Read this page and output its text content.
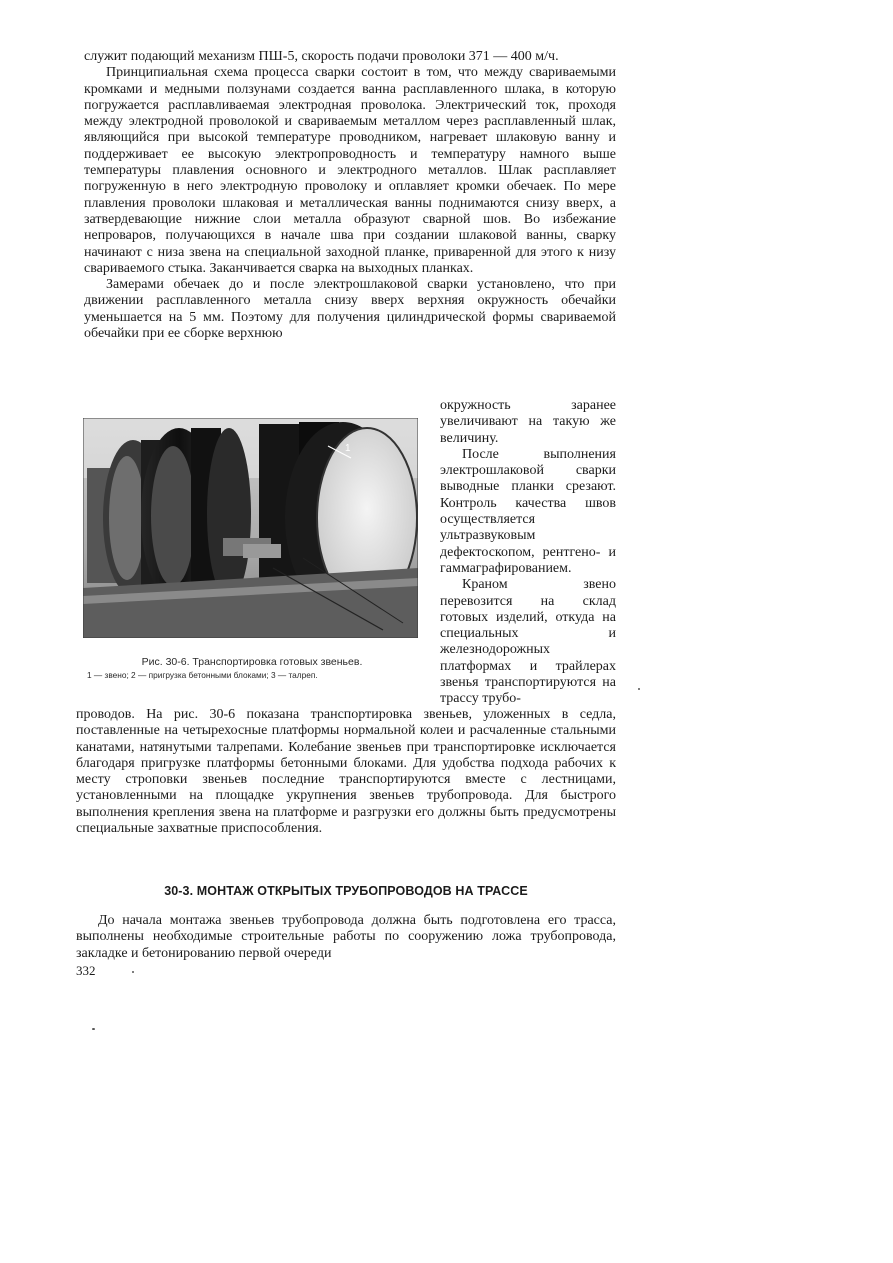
служит подающий механизм ПШ-5, скорость подачи проволоки 371 — 400 м/ч.

Принципиальная схема процесса сварки состоит в том, что между свариваемыми кромками и медными ползунами создается ванна расплавленного шлака, в которую погружается расплавливаемая электродная проволока. Электрический ток, проходя между электродной проволокой и свариваемым металлом через расплавленный шлак, являющийся при высокой температуре проводником, нагревает шлаковую ванну и поддерживает ее высокую электропроводность и температуру намного выше температуры плавления основного и электродного металлов. Шлак расплавляет погруженную в него электродную проволоку и оплавляет кромки обечаек. По мере плавления проволоки шлаковая и металлическая ванны поднимаются снизу вверх, а затвердевающие нижние слои металла образуют сварной шов. Во избежание непроваров, получающихся в начале шва при создании шлаковой ванны, сварку начинают с низа звена на специальной заходной планке, приваренной для этого к низу свариваемого стыка. Заканчивается сварка на выходных планках.

Замерами обечаек до и после электрошлаковой сварки установлено, что при движении расплавленного металла снизу вверх верхняя окружность обечайки уменьшается на 5 мм. Поэтому для получения цилиндрической формы свариваемой обечайки при ее сборке верхнюю

окружность заранее увеличивают на такую же величину.

После выполнения электрошлаковой сварки выводные планки срезают. Контроль качества швов осуществляется ультразвуковым дефектоскопом, рентгено- и гаммаграфированием.

Краном звено перевозится на склад готовых изделий, откуда на специальных и железнодорожных платформах и трайлерах звенья транспортируются на трассу трубо-

1
Рис. 30-6. Транспортировка готовых звеньев.
1 — звено; 2 — пригрузка бетонными блоками; 3 — талреп.

проводов. На рис. 30-6 показана транспортировка звеньев, уложенных в седла, поставленные на четырехосные платформы нормальной колеи и расчаленные стальными канатами, натянутыми талрепами. Колебание звеньев при транспортировке исключается благодаря пригрузке платформы бетонными блоками. Для удобства подхода рабочих к месту строповки звеньев последние транспортируются вместе с лестницами, установленными на площадке укрупнения звеньев трубопровода. Для быстрого выполнения крепления звена на платформе и разгрузки его должны быть предусмотрены специальные захватные приспособления.

30-3. МОНТАЖ ОТКРЫТЫХ ТРУБОПРОВОДОВ НА ТРАССЕ

До начала монтажа звеньев трубопровода должна быть подготовлена его трасса, выполнены необходимые строительные работы по сооружению ложа трубопровода, закладке и бетонированию первой очереди

332
